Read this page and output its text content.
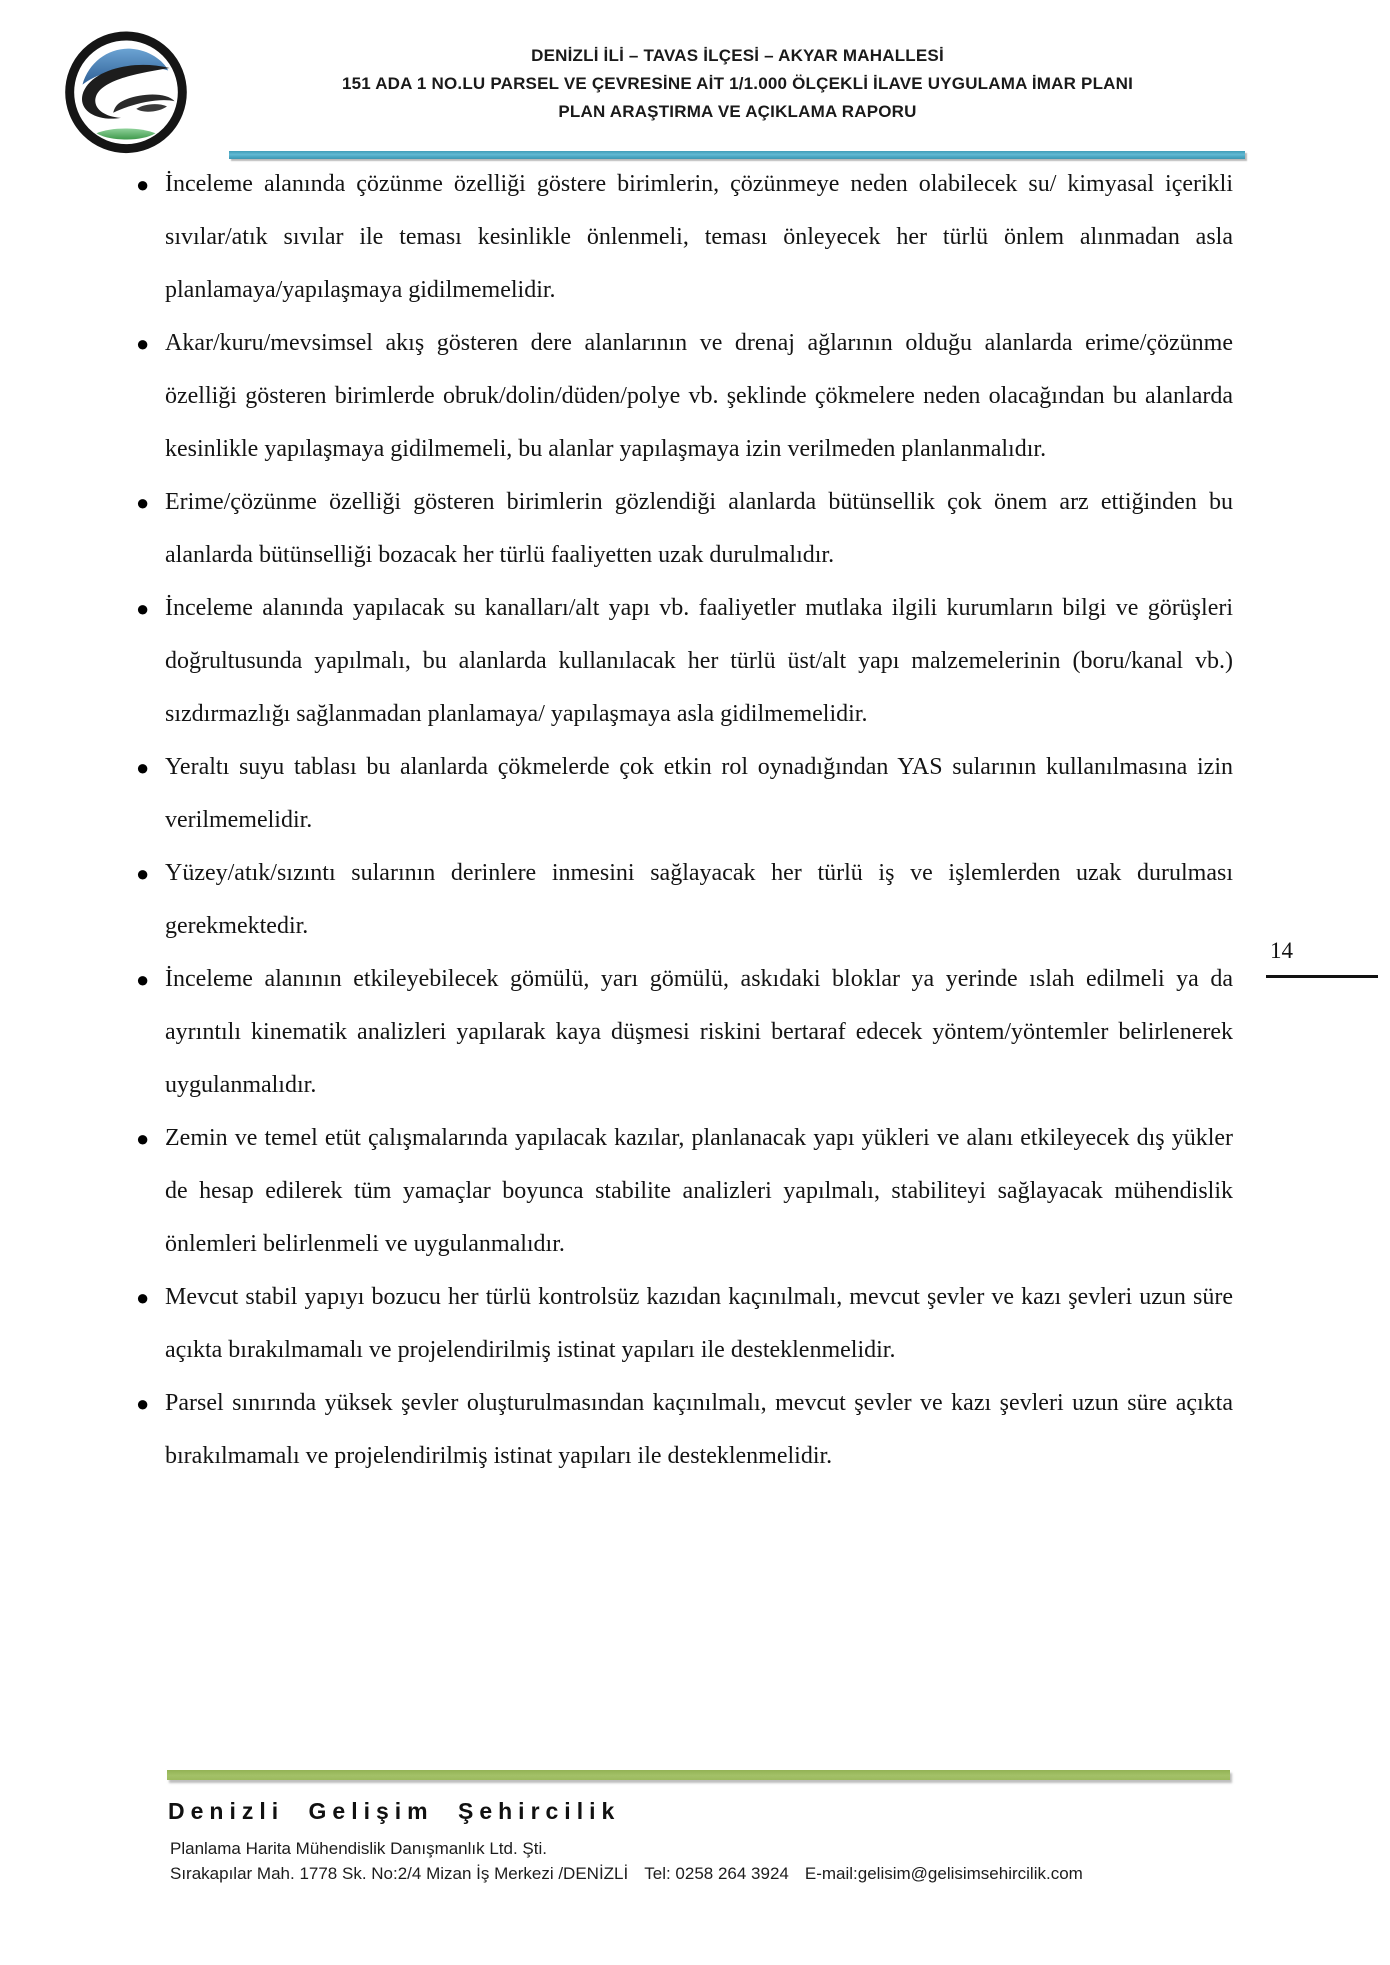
DENİZLİ İLİ – TAVAS İLÇESİ – AKYAR MAHALLESİ
151 ADA 1 NO.LU PARSEL VE ÇEVRESİNE AİT 1/1.000 ÖLÇEKLİ İLAVE UYGULAMA İMAR PLANI
PLAN ARAŞTIRMA VE AÇIKLAMA RAPORU
● İnceleme alanında çözünme özelliği göstere birimlerin, çözünmeye neden olabilecek su/ kimyasal içerikli sıvılar/atık sıvılar ile teması kesinlikle önlenmeli, teması önleyecek her türlü önlem alınmadan asla planlamaya/yapılaşmaya gidilmemelidir.
● Akar/kuru/mevsimsel akış gösteren dere alanlarının ve drenaj ağlarının olduğu alanlarda erime/çözünme özelliği gösteren birimlerde obruk/dolin/düden/polye vb. şeklinde çökmelere neden olacağından bu alanlarda kesinlikle yapılaşmaya gidilmemeli, bu alanlar yapılaşmaya izin verilmeden planlanmalıdır.
● Erime/çözünme özelliği gösteren birimlerin gözlendiği alanlarda bütünsellik çok önem arz ettiğinden bu alanlarda bütünselliği bozacak her türlü faaliyetten uzak durulmalıdır.
● İnceleme alanında yapılacak su kanalları/alt yapı vb. faaliyetler mutlaka ilgili kurumların bilgi ve görüşleri doğrultusunda yapılmalı, bu alanlarda kullanılacak her türlü üst/alt yapı malzemelerinin (boru/kanal vb.) sızdırmazlığı sağlanmadan planlamaya/ yapılaşmaya asla gidilmemelidir.
● Yeraltı suyu tablası bu alanlarda çökmelerde çok etkin rol oynadığından YAS sularının kullanılmasına izin verilmemelidir.
● Yüzey/atık/sızıntı sularının derinlere inmesini sağlayacak her türlü iş ve işlemlerden uzak durulması gerekmektedir.
● İnceleme alanının etkileyebilecek gömülü, yarı gömülü, askıdaki bloklar ya yerinde ıslah edilmeli ya da ayrıntılı kinematik analizleri yapılarak kaya düşmesi riskini bertaraf edecek yöntem/yöntemler belirlenerek uygulanmalıdır.
● Zemin ve temel etüt çalışmalarında yapılacak kazılar, planlanacak yapı yükleri ve alanı etkileyecek dış yükler de hesap edilerek tüm yamaçlar boyunca stabilite analizleri yapılmalı, stabiliteyi sağlayacak mühendislik önlemleri belirlenmeli ve uygulanmalıdır.
● Mevcut stabil yapıyı bozucu her türlü kontrolsüz kazıdan kaçınılmalı, mevcut şevler ve kazı şevleri uzun süre açıkta bırakılmamalı ve projelendirilmiş istinat yapıları ile desteklenmelidir.
● Parsel sınırında yüksek şevler oluşturulmasından kaçınılmalı, mevcut şevler ve kazı şevleri uzun süre açıkta bırakılmamalı ve projelendirilmiş istinat yapıları ile desteklenmelidir.
14
Denizli Gelişim Şehircilik
Planlama Harita Mühendislik Danışmanlık Ltd. Şti.
Sırakapılar Mah. 1778 Sk. No:2/4 Mizan İş Merkezi /DENİZLİ Tel: 0258 264 3924 E-mail:gelisim@gelisimsehircilik.com
